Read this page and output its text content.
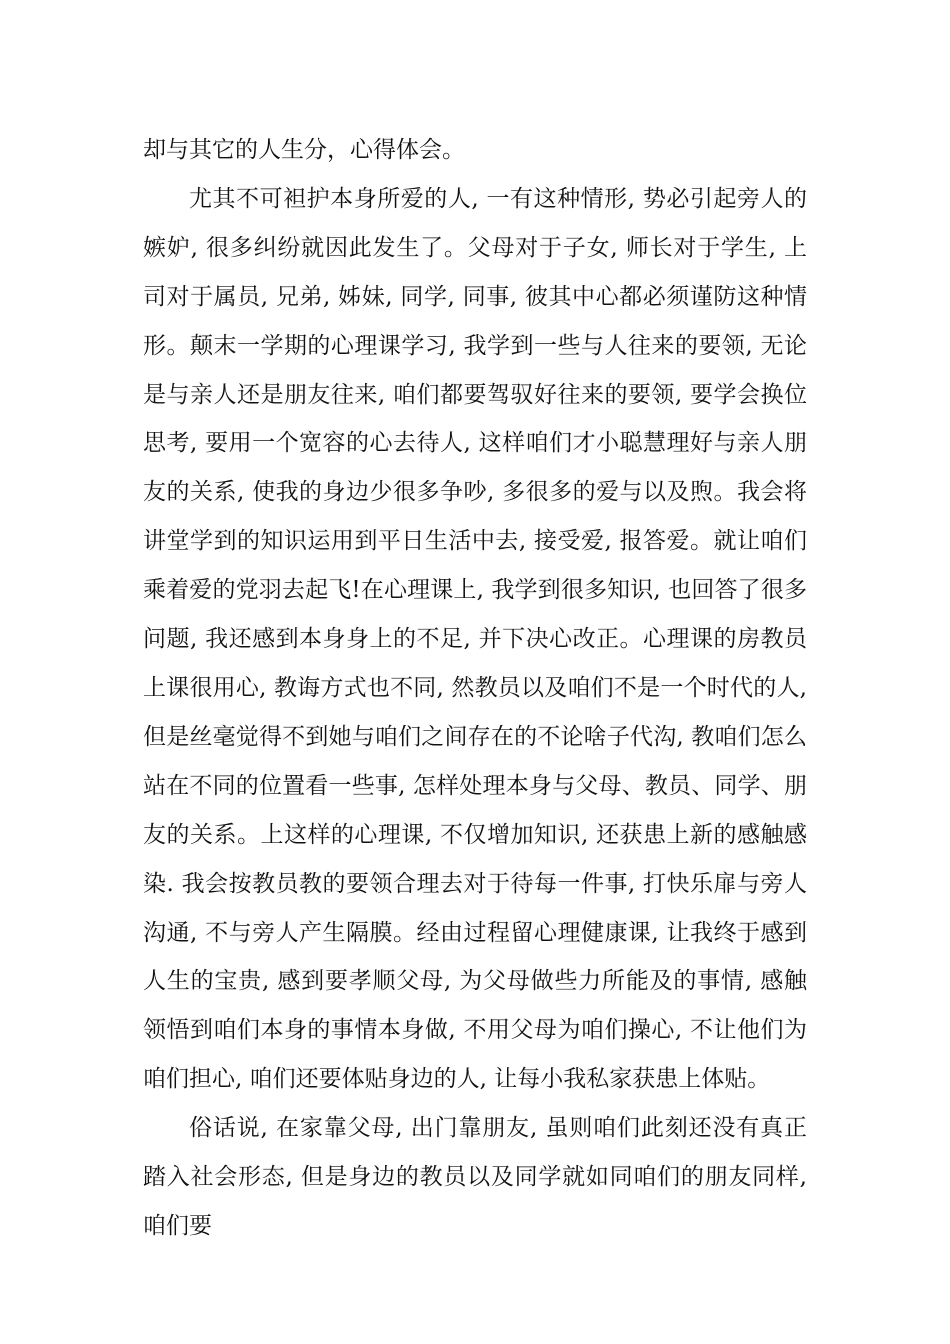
却与其它的人生分，心得体会。

尤其不可袒护本身所爱的人, 一有这种情形, 势必引起旁人的嫉妒, 很多纠纷就因此发生了。父母对于子女, 师长对于学生, 上司对于属员, 兄弟, 姊妹, 同学, 同事, 彼其中心都必须谨防这种情形。颠末一学期的心理课学习, 我学到一些与人往来的要领, 无论是与亲人还是朋友往来, 咱们都要驾驭好往来的要领, 要学会换位思考, 要用一个宽容的心去待人, 这样咱们才小聪慧理好与亲人朋友的关系, 使我的身边少很多争吵, 多很多的爱与以及煦。我会将讲堂学到的知识运用到平日生活中去, 接受爱, 报答爱。就让咱们乘着爱的党羽去起飞!在心理课上, 我学到很多知识, 也回答了很多问题, 我还感到本身身上的不足, 并下决心改正。心理课的房教员上课很用心, 教诲方式也不同, 然教员以及咱们不是一个时代的人, 但是丝毫觉得不到她与咱们之间存在的不论啥子代沟, 教咱们怎么站在不同的位置看一些事, 怎样处理本身与父母、教员、同学、朋友的关系。上这样的心理课, 不仅增加知识, 还获患上新的感触感染. 我会按教员教的要领合理去对于待每一件事, 打快乐扉与旁人沟通, 不与旁人产生隔膜。经由过程留心理健康课, 让我终于感到人生的宝贵, 感到要孝顺父母, 为父母做些力所能及的事情, 感触领悟到咱们本身的事情本身做, 不用父母为咱们操心, 不让他们为咱们担心, 咱们还要体贴身边的人, 让每小我私家获患上体贴。

俗话说, 在家靠父母, 出门靠朋友, 虽则咱们此刻还没有真正踏入社会形态, 但是身边的教员以及同学就如同咱们的朋友同样, 咱们要
